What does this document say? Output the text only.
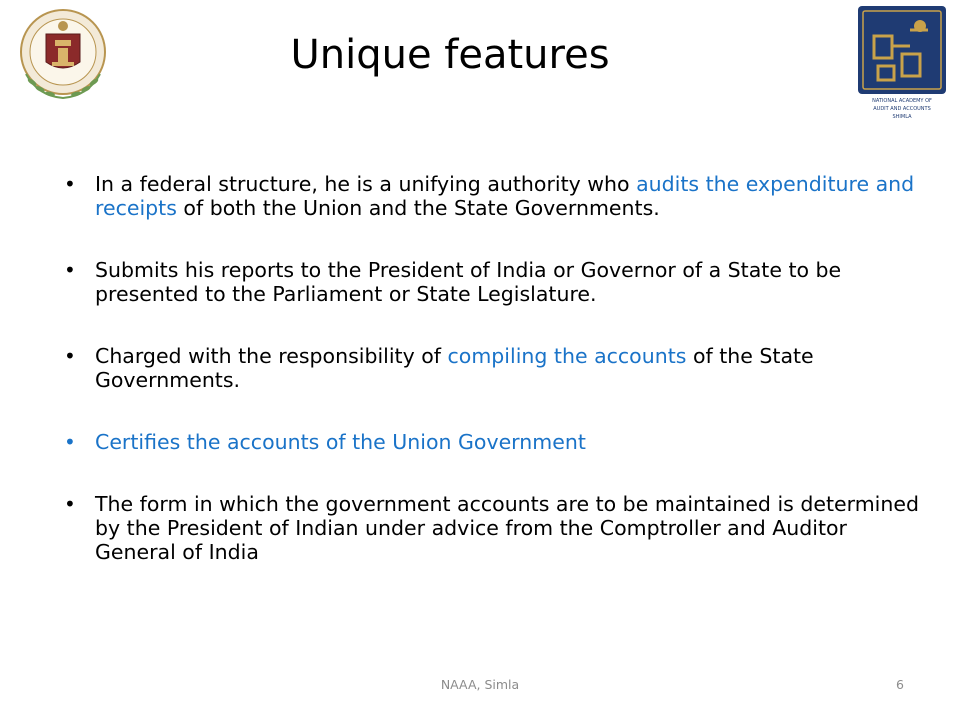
NATIONAL ACADEMY OF
AUDIT AND ACCOUNTS
SHIMLA
Unique features
• In a federal structure, he is a unifying authority who audits the expenditure and receipts of both the Union and the State Governments.
• Submits his reports to the President of India or Governor of a State to be presented to the Parliament or State Legislature.
• Charged with the responsibility of compiling the accounts of the State Governments.
• Certifies the accounts of the Union Government
• The form in which the government accounts are to be maintained is determined by the President of Indian under advice from the Comptroller and Auditor General of India
NAAA, Simla	6
